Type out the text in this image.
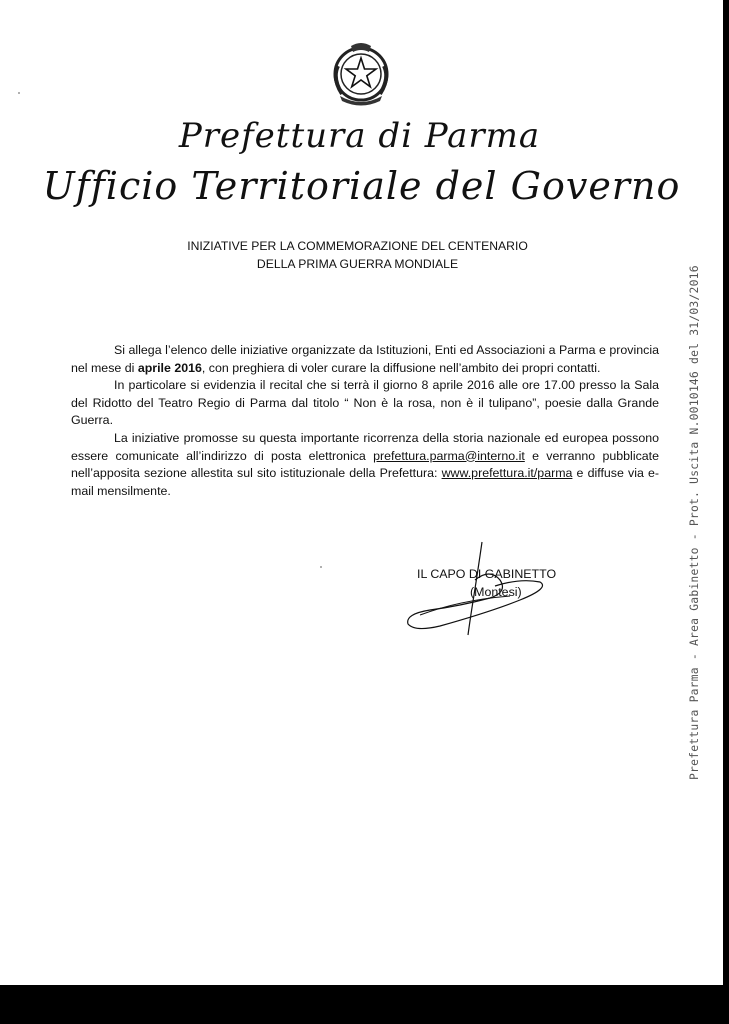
Prefettura di Parma
Ufficio Territoriale del Governo
INIZIATIVE PER LA COMMEMORAZIONE DEL CENTENARIO
DELLA PRIMA GUERRA MONDIALE

Si allega l’elenco delle iniziative organizzate da Istituzioni, Enti ed Associazioni a Parma e provincia nel mese di aprile 2016, con preghiera di voler curare la diffusione nell’ambito dei propri contatti.

In particolare si evidenzia il recital che si terrà il giorno 8 aprile 2016 alle ore 17.00 presso la Sala del Ridotto del Teatro Regio di Parma dal titolo “ Non è la rosa, non è il tulipano”, poesie dalla Grande Guerra.

La iniziative promosse su questa importante ricorrenza della storia nazionale ed europea possono essere comunicate all’indirizzo di posta elettronica prefettura.parma@interno.it e verranno pubblicate nell’apposita sezione allestita sul sito istituzionale della Prefettura: www.prefettura.it/parma e diffuse via e-mail mensilmente.

IL CAPO DI GABINETTO
(Montesi)	Prefettura Parma - Area Gabinetto - Prot. Uscita N.0010146 del 31/03/2016
